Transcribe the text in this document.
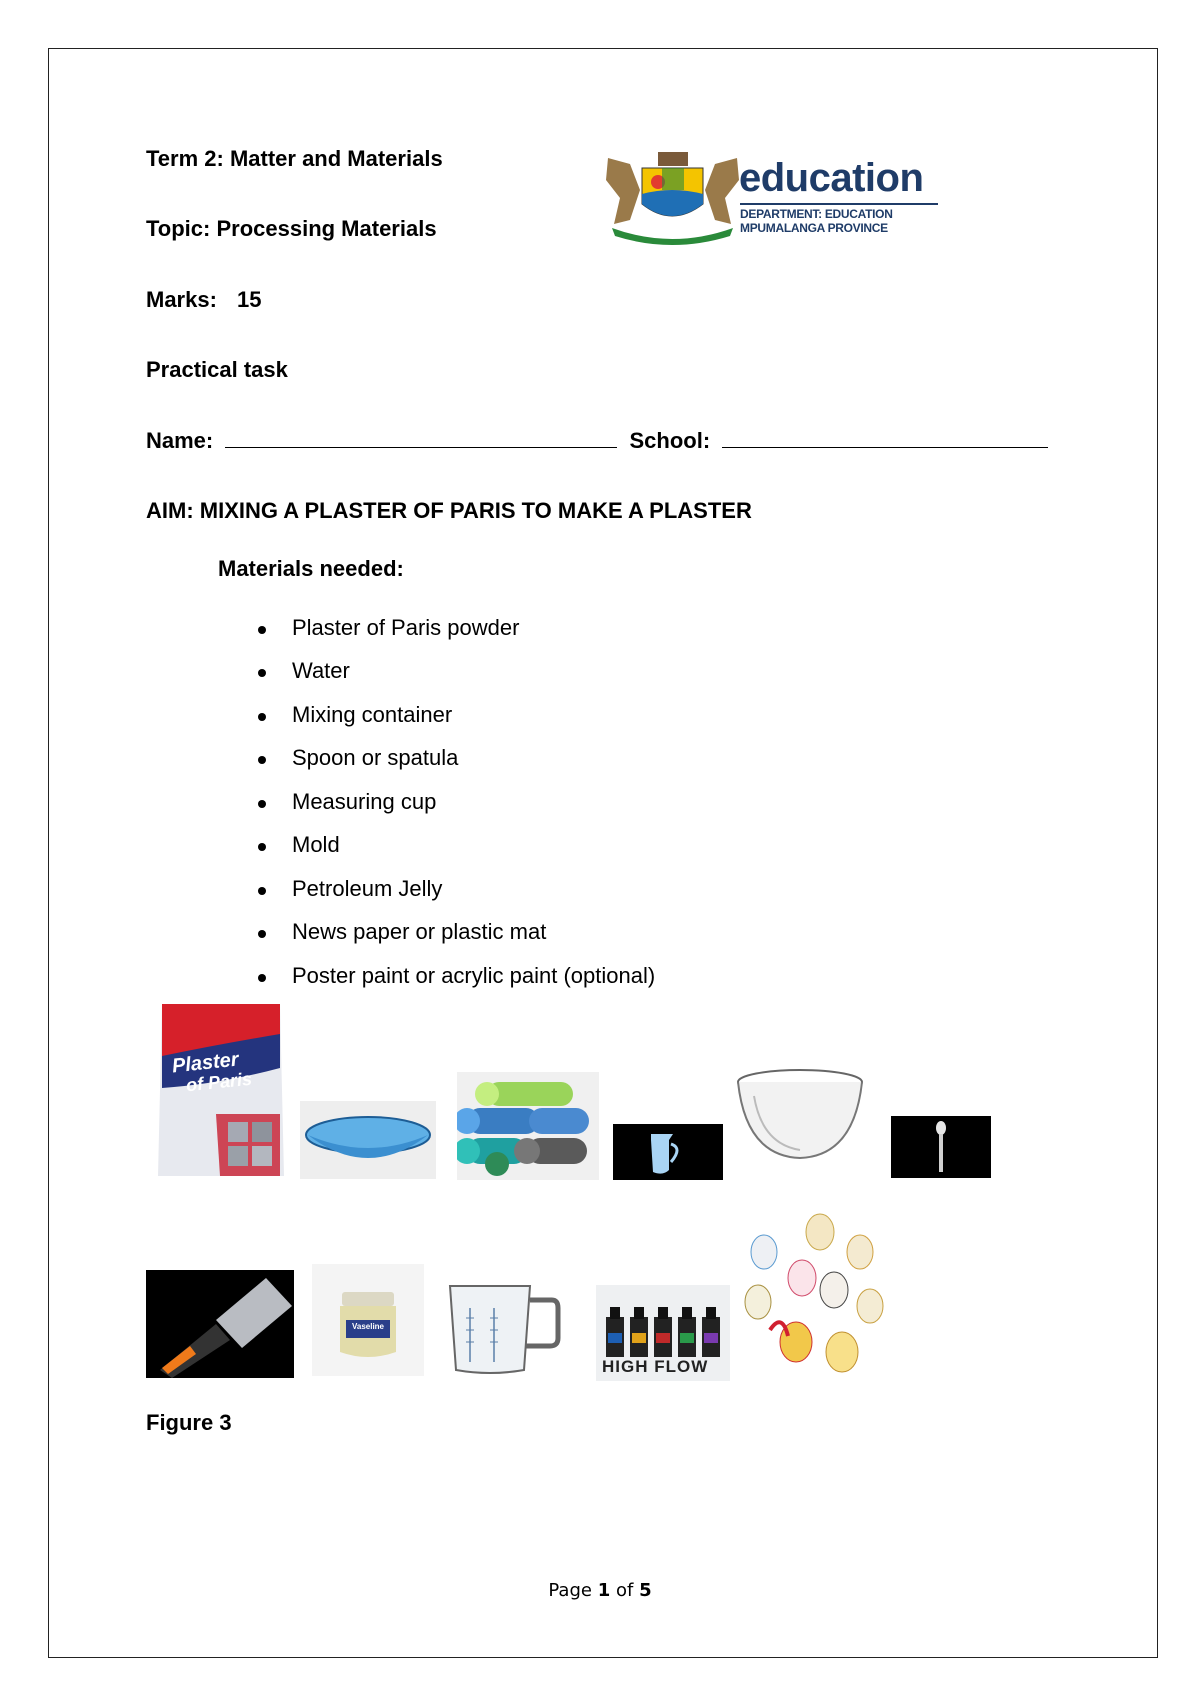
Term 2: Matter and Materials
Topic: Processing Materials
Marks: 15
Practical task
Name:	School:
education
DEPARTMENT: EDUCATION
MPUMALANGA PROVINCE
AIM: MIXING A PLASTER OF PARIS TO MAKE A PLASTER
Materials needed:
Plaster of Paris powder
Water
Mixing container
Spoon or spatula
Measuring cup
Mold
Petroleum Jelly
News paper or plastic mat
Poster paint or acrylic paint (optional)
Plaster
of Paris
Vaseline
HIGH FLOW
Figure 3
Page 1 of 5
